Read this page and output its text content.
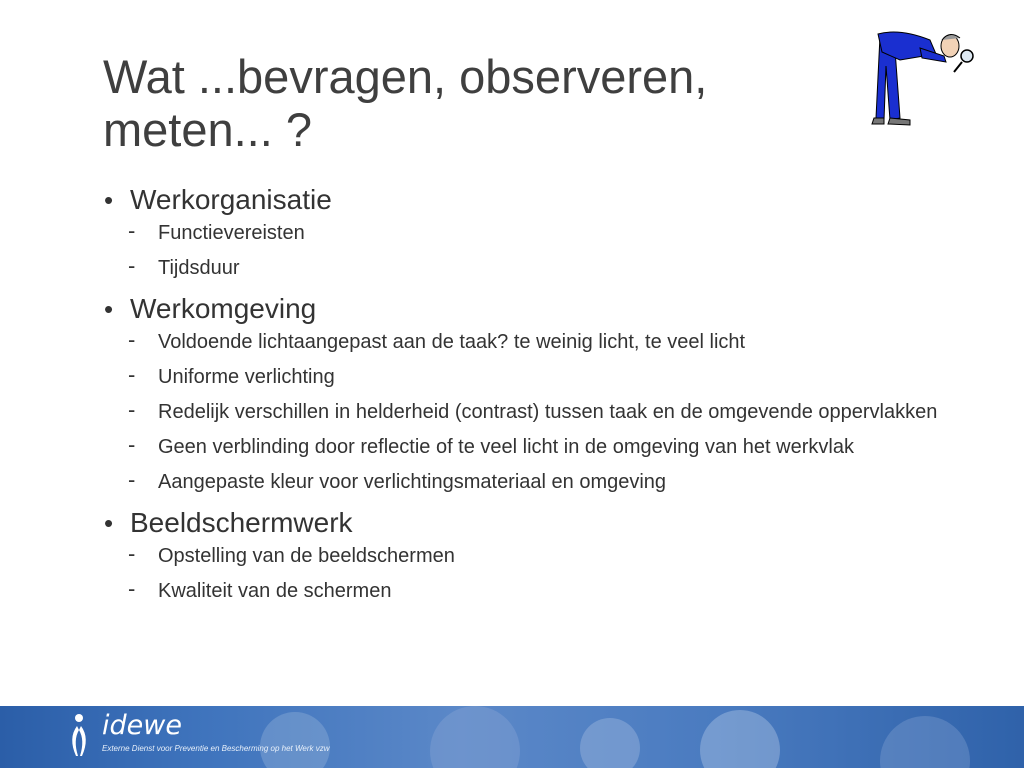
Wat ...bevragen, observeren,
meten... ?
• Werkorganisatie
- Functievereisten
- Tijdsduur
• Werkomgeving
- Voldoende lichtaangepast aan de taak? te weinig licht, te veel licht
- Uniforme verlichting
- Redelijk verschillen in helderheid (contrast) tussen taak en de omgevende oppervlakken
- Geen verblinding door reflectie of te veel licht in de omgeving van het werkvlak
- Aangepaste kleur voor verlichtingsmateriaal en omgeving
• Beeldschermwerk
- Opstelling van de beeldschermen
- Kwaliteit van de schermen
idewe
Externe Dienst voor Preventie en Bescherming op het Werk vzw
